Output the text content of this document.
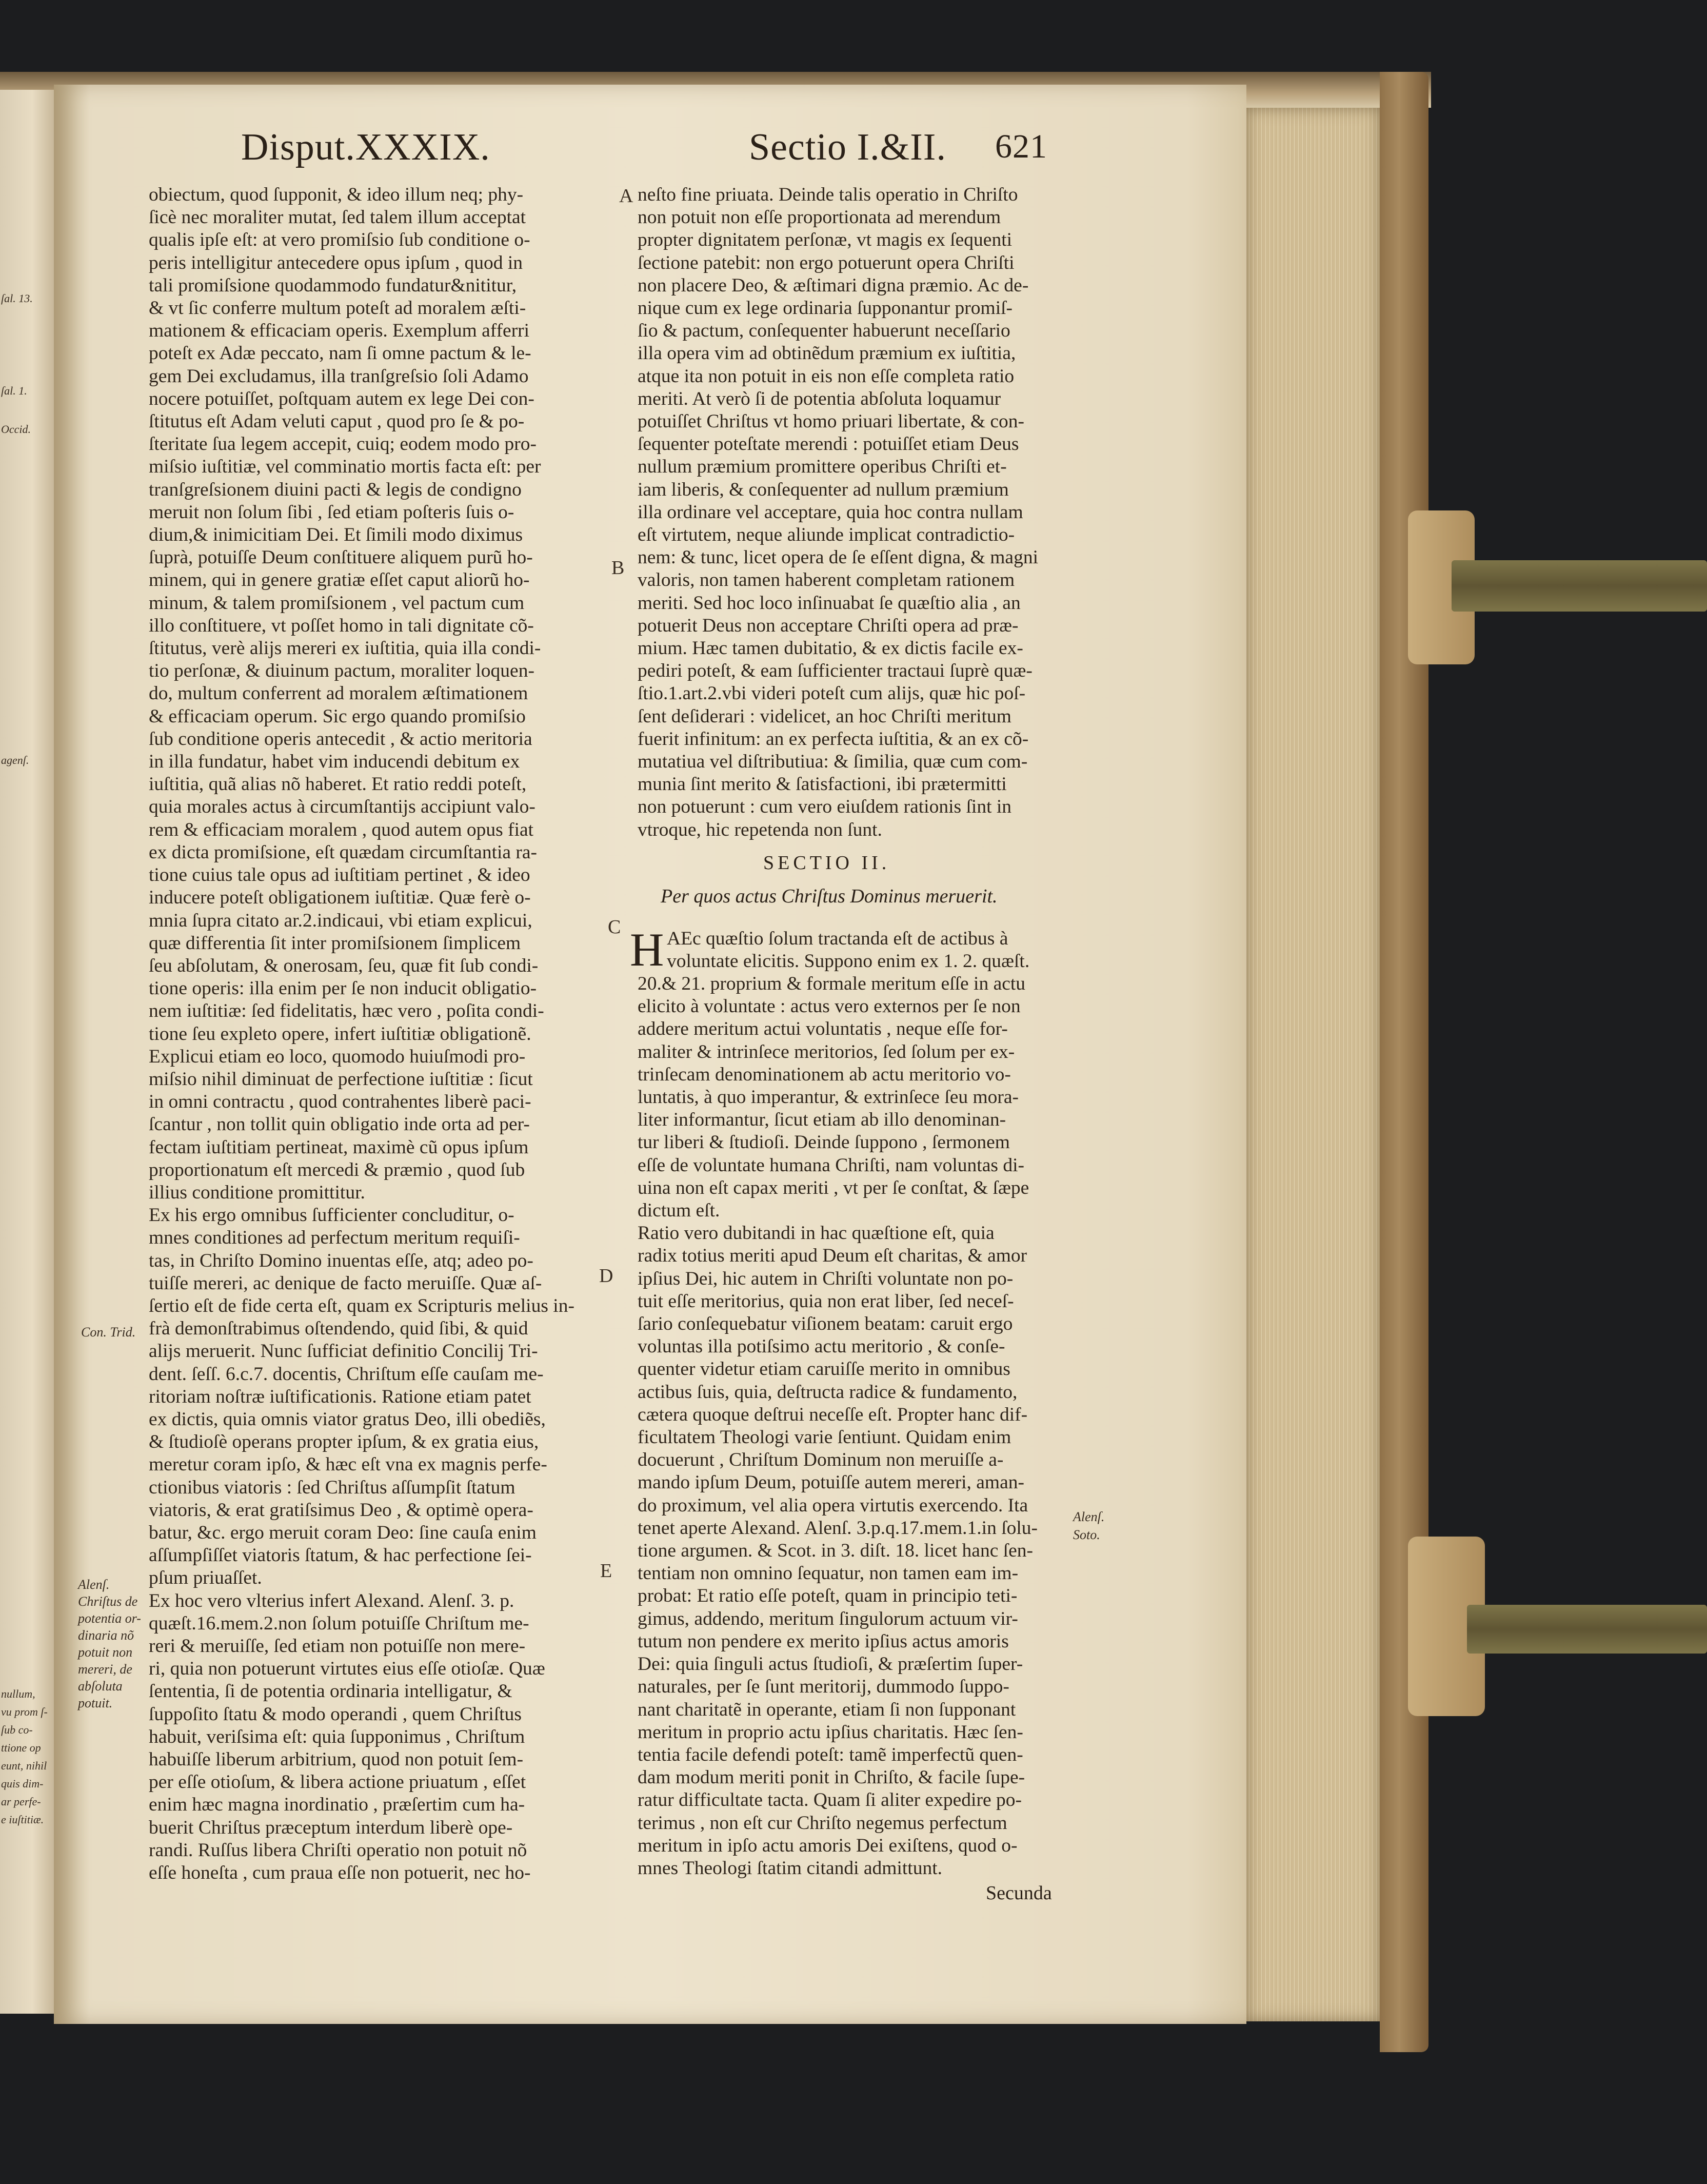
ſal. 13.
ſal. 1.
Occid.
agenſ.
nullum,
vu prom ſ-
ſub co-
ttione op
eunt, nihil
quis dim-
ar perfe-
e iuſtitiæ.
Disput.XXXIX.	Sectio I.&II. 621
obiectum, quod ſupponit, & ideo illum neq; phy-
ſicè nec moraliter mutat, ſed talem illum acceptat
qualis ipſe eſt: at vero promiſsio ſub conditione o-
peris intelligitur antecedere opus ipſum , quod in
tali promiſsione quodammodo fundatur&nititur,
& vt ſic conferre multum poteſt ad moralem æſti-
mationem & efficaciam operis. Exemplum afferri
poteſt ex Adæ peccato, nam ſi omne pactum & le-
gem Dei excludamus, illa tranſgreſsio ſoli Adamo
nocere potuiſſet, poſtquam autem ex lege Dei con-
ſtitutus eſt Adam veluti caput , quod pro ſe & po-
ſteritate ſua legem accepit, cuiq; eodem modo pro-
miſsio iuſtitiæ, vel comminatio mortis facta eſt: per
tranſgreſsionem diuini pacti & legis de condigno
meruit non ſolum ſibi , ſed etiam poſteris ſuis o-
dium,& inimicitiam Dei. Et ſimili modo diximus
ſuprà, potuiſſe Deum conſtituere aliquem purũ ho-
minem, qui in genere gratiæ eſſet caput aliorũ ho-
minum, & talem promiſsionem , vel pactum cum
illo conſtituere, vt poſſet homo in tali dignitate cõ-
ſtitutus, verè alijs mereri ex iuſtitia, quia illa condi-
tio perſonæ, & diuinum pactum, moraliter loquen-
do, multum conferrent ad moralem æſtimationem
& efficaciam operum. Sic ergo quando promiſsio
ſub conditione operis antecedit , & actio meritoria
in illa fundatur, habet vim inducendi debitum ex
iuſtitia, quã alias nõ haberet. Et ratio reddi poteſt,
quia morales actus à circumſtantijs accipiunt valo-
rem & efficaciam moralem , quod autem opus fiat
ex dicta promiſsione, eſt quædam circumſtantia ra-
tione cuius tale opus ad iuſtitiam pertinet , & ideo
inducere poteſt obligationem iuſtitiæ. Quæ ferè o-
mnia ſupra citato ar.2.indicaui, vbi etiam explicui,
quæ differentia ſit inter promiſsionem ſimplicem
ſeu abſolutam, & onerosam, ſeu, quæ fit ſub condi-
tione operis: illa enim per ſe non inducit obligatio-
nem iuſtitiæ: ſed fidelitatis, hæc vero , poſita condi-
tione ſeu expleto opere, infert iuſtitiæ obligationẽ.
Explicui etiam eo loco, quomodo huiuſmodi pro-
miſsio nihil diminuat de perfectione iuſtitiæ : ſicut
in omni contractu , quod contrahentes liberè paci-
ſcantur , non tollit quin obligatio inde orta ad per-
fectam iuſtitiam pertineat, maximè cũ opus ipſum
proportionatum eſt mercedi & præmio , quod ſub
illius conditione promittitur.
Ex his ergo omnibus ſufficienter concluditur, o-
mnes conditiones ad perfectum meritum requiſi-
tas, in Chriſto Domino inuentas eſſe, atq; adeo po-
tuiſſe mereri, ac denique de facto meruiſſe. Quæ aſ-
ſertio eſt de fide certa eſt, quam ex Scripturis melius in-
frà demonſtrabimus oſtendendo, quid ſibi, & quid
alijs meruerit. Nunc ſufficiat definitio Concilij Tri-
dent. ſeſſ. 6.c.7. docentis, Chriſtum eſſe cauſam me-
ritoriam noſtræ iuſtificationis. Ratione etiam patet
ex dictis, quia omnis viator gratus Deo, illi obediẽs,
& ſtudioſè operans propter ipſum, & ex gratia eius,
meretur coram ipſo, & hæc eſt vna ex magnis perfe-
ctionibus viatoris : ſed Chriſtus aſſumpſit ſtatum
viatoris, & erat gratiſsimus Deo , & optimè opera-
batur, &c. ergo meruit coram Deo: ſine cauſa enim
aſſumpſiſſet viatoris ſtatum, & hac perfectione ſei-
pſum priuaſſet.
Ex hoc vero vlterius infert Alexand. Alenſ. 3. p.
quæſt.16.mem.2.non ſolum potuiſſe Chriſtum me-
reri & meruiſſe, ſed etiam non potuiſſe non mere-
ri, quia non potuerunt virtutes eius eſſe otioſæ. Quæ
ſententia, ſi de potentia ordinaria intelligatur, &
ſuppoſito ſtatu & modo operandi , quem Chriſtus
habuit, veriſsima eſt: quia ſupponimus , Chriſtum
habuiſſe liberum arbitrium, quod non potuit ſem-
per eſſe otioſum, & libera actione priuatum , eſſet
enim hæc magna inordinatio , præſertim cum ha-
buerit Chriſtus præceptum interdum liberè ope-
randi. Ruſſus libera Chriſti operatio non potuit nõ
eſſe honeſta , cum praua eſſe non potuerit, nec ho-
neſto fine priuata. Deinde talis operatio in Chriſto
non potuit non eſſe proportionata ad merendum
propter dignitatem perſonæ, vt magis ex ſequenti
ſectione patebit: non ergo potuerunt opera Chriſti
non placere Deo, & æſtimari digna præmio. Ac de-
nique cum ex lege ordinaria ſupponantur promiſ-
ſio & pactum, conſequenter habuerunt neceſſario
illa opera vim ad obtinẽdum præmium ex iuſtitia,
atque ita non potuit in eis non eſſe completa ratio
meriti. At verò ſi de potentia abſoluta loquamur
potuiſſet Chriſtus vt homo priuari libertate, & con-
ſequenter poteſtate merendi : potuiſſet etiam Deus
nullum præmium promittere operibus Chriſti et-
iam liberis, & conſequenter ad nullum præmium
illa ordinare vel acceptare, quia hoc contra nullam
eſt virtutem, neque aliunde implicat contradictio-
nem: & tunc, licet opera de ſe eſſent digna, & magni
valoris, non tamen haberent completam rationem
meriti. Sed hoc loco inſinuabat ſe quæſtio alia , an
potuerit Deus non acceptare Chriſti opera ad præ-
mium. Hæc tamen dubitatio, & ex dictis facile ex-
pediri poteſt, & eam ſufficienter tractaui ſuprè quæ-
ſtio.1.art.2.vbi videri poteſt cum alijs, quæ hic poſ-
ſent deſiderari : videlicet, an hoc Chriſti meritum
fuerit infinitum: an ex perfecta iuſtitia, & an ex cõ-
mutatiua vel diſtributiua: & ſimilia, quæ cum com-
munia ſint merito & ſatisfactioni, ibi prætermitti
non potuerunt : cum vero eiuſdem rationis ſint in
vtroque, hic repetenda non ſunt.
SECTIO II.
Per quos actus Chriſtus Dominus meruerit.
H AEc quæſtio ſolum tractanda eſt de actibus à
voluntate elicitis. Suppono enim ex 1. 2. quæſt.
20.& 21. proprium & formale meritum eſſe in actu
elicito à voluntate : actus vero externos per ſe non
addere meritum actui voluntatis , neque eſſe for-
maliter & intrinſece meritorios, ſed ſolum per ex-
trinſecam denominationem ab actu meritorio vo-
luntatis, à quo imperantur, & extrinſece ſeu mora-
liter informantur, ſicut etiam ab illo denominan-
tur liberi & ſtudioſi. Deinde ſuppono , ſermonem
eſſe de voluntate humana Chriſti, nam voluntas di-
uina non eſt capax meriti , vt per ſe conſtat, & ſæpe
dictum eſt.
Ratio vero dubitandi in hac quæſtione eſt, quia
radix totius meriti apud Deum eſt charitas, & amor
ipſius Dei, hic autem in Chriſti voluntate non po-
tuit eſſe meritorius, quia non erat liber, ſed neceſ-
ſario conſequebatur viſionem beatam: caruit ergo
voluntas illa potiſsimo actu meritorio , & conſe-
quenter videtur etiam caruiſſe merito in omnibus
actibus ſuis, quia, deſtructa radice & fundamento,
cætera quoque deſtrui neceſſe eſt. Propter hanc dif-
ficultatem Theologi varie ſentiunt. Quidam enim
docuerunt , Chriſtum Dominum non meruiſſe a-
mando ipſum Deum, potuiſſe autem mereri, aman-
do proximum, vel alia opera virtutis exercendo. Ita
tenet aperte Alexand. Alenſ. 3.p.q.17.mem.1.in ſolu-
tione argumen. & Scot. in 3. diſt. 18. licet hanc ſen-
tentiam non omnino ſequatur, non tamen eam im-
probat: Et ratio eſſe poteſt, quam in principio teti-
gimus, addendo, meritum ſingulorum actuum vir-
tutum non pendere ex merito ipſius actus amoris
Dei: quia ſinguli actus ſtudioſi, & præſertim ſuper-
naturales, per ſe ſunt meritorij, dummodo ſuppo-
nant charitatẽ in operante, etiam ſi non ſupponant
meritum in proprio actu ipſius charitatis. Hæc ſen-
tentia facile defendi poteſt: tamẽ imperfectũ quen-
dam modum meriti ponit in Chriſto, & facile ſupe-
ratur difficultate tacta. Quam ſi aliter expedire po-
terimus , non eſt cur Chriſto negemus perfectum
meritum in ipſo actu amoris Dei exiſtens, quod o-
mnes Theologi ſtatim citandi admittunt.
Secunda
A
B
C
D
E
Con. Trid.
Alenſ.
Chriſtus de
potentia or-
dinaria nõ
potuit non
mereri, de
abſoluta
potuit.
Alenſ.
Soto.
